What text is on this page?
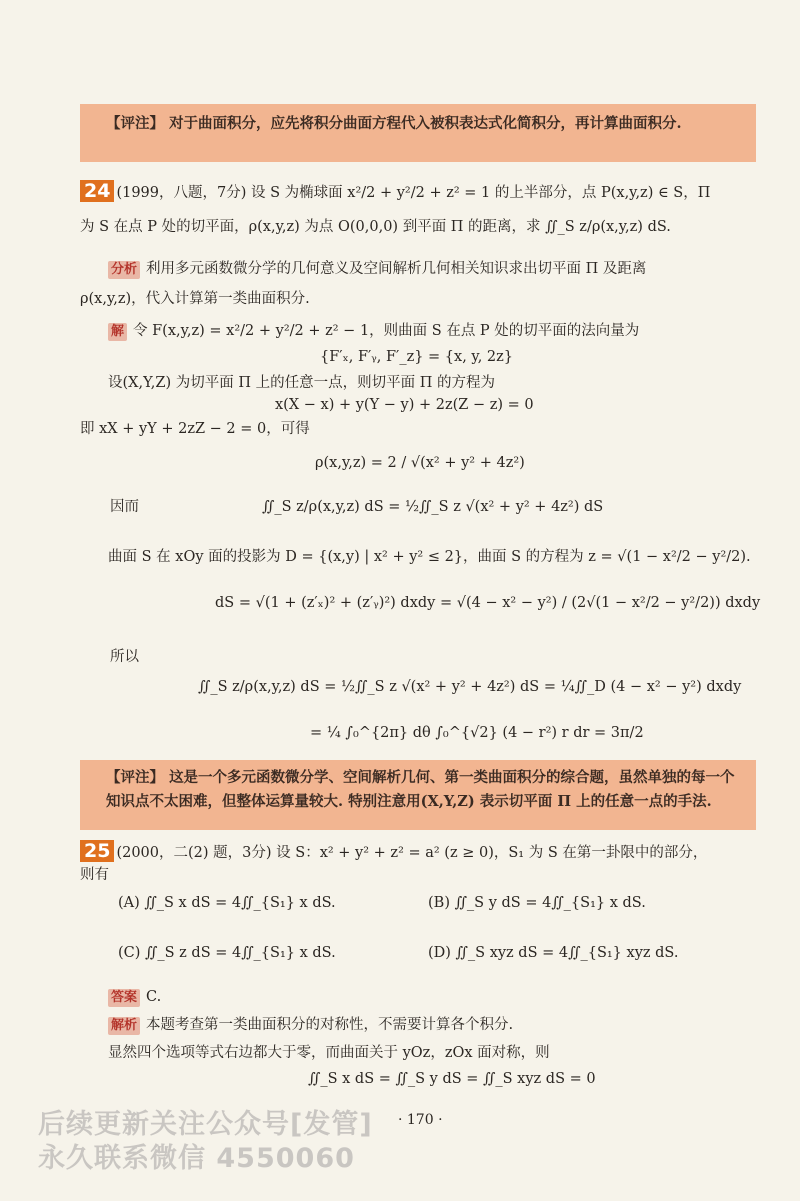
【评注】 对于曲面积分，应先将积分曲面方程代入被积表达式化简积分，再计算曲面积分.
24 (1999，八题，7分) 设 S 为椭球面 x²/2 + y²/2 + z² = 1 的上半部分，点 P(x,y,z) ∈ S，Π
为 S 在点 P 处的切平面，ρ(x,y,z) 为点 O(0,0,0) 到平面 Π 的距离，求 ∬_S z/ρ(x,y,z) dS.
分析 利用多元函数微分学的几何意义及空间解析几何相关知识求出切平面 Π 及距离
ρ(x,y,z)，代入计算第一类曲面积分.
解 令 F(x,y,z) = x²/2 + y²/2 + z² − 1，则曲面 S 在点 P 处的切平面的法向量为
{F′ₓ, F′ᵧ, F′_z} = {x, y, 2z}
设(X,Y,Z) 为切平面 Π 上的任意一点，则切平面 Π 的方程为
x(X − x) + y(Y − y) + 2z(Z − z) = 0
即 xX + yY + 2zZ − 2 = 0，可得
ρ(x,y,z) = 2 / √(x² + y² + 4z²)
因而	∬_S z/ρ(x,y,z) dS = ½∬_S z √(x² + y² + 4z²) dS
曲面 S 在 xOy 面的投影为 D = {(x,y) | x² + y² ≤ 2}，曲面 S 的方程为 z = √(1 − x²/2 − y²/2).
dS = √(1 + (z′ₓ)² + (z′ᵧ)²) dxdy = √(4 − x² − y²) / (2√(1 − x²/2 − y²/2)) dxdy
所以
∬_S z/ρ(x,y,z) dS = ½∬_S z √(x² + y² + 4z²) dS = ¼∬_D (4 − x² − y²) dxdy
= ¼ ∫₀^{2π} dθ ∫₀^{√2} (4 − r²) r dr = 3π/2
【评注】 这是一个多元函数微分学、空间解析几何、第一类曲面积分的综合题，虽然单独的每一个知识点不太困难，但整体运算量较大. 特别注意用(X,Y,Z) 表示切平面 Π 上的任意一点的手法.
25 (2000，二(2) 题，3分) 设 S：x² + y² + z² = a² (z ≥ 0)，S₁ 为 S 在第一卦限中的部分，
则有
(A) ∬_S x dS = 4∬_{S₁} x dS.	(B) ∬_S y dS = 4∬_{S₁} x dS.
(C) ∬_S z dS = 4∬_{S₁} x dS.	(D) ∬_S xyz dS = 4∬_{S₁} xyz dS.
答案 C.
解析 本题考查第一类曲面积分的对称性，不需要计算各个积分.
显然四个选项等式右边都大于零，而曲面关于 yOz，zOx 面对称，则
∬_S x dS = ∬_S y dS = ∬_S xyz dS = 0
后续更新关注公众号[发管] · 170 ·
永久联系微信 4550060
